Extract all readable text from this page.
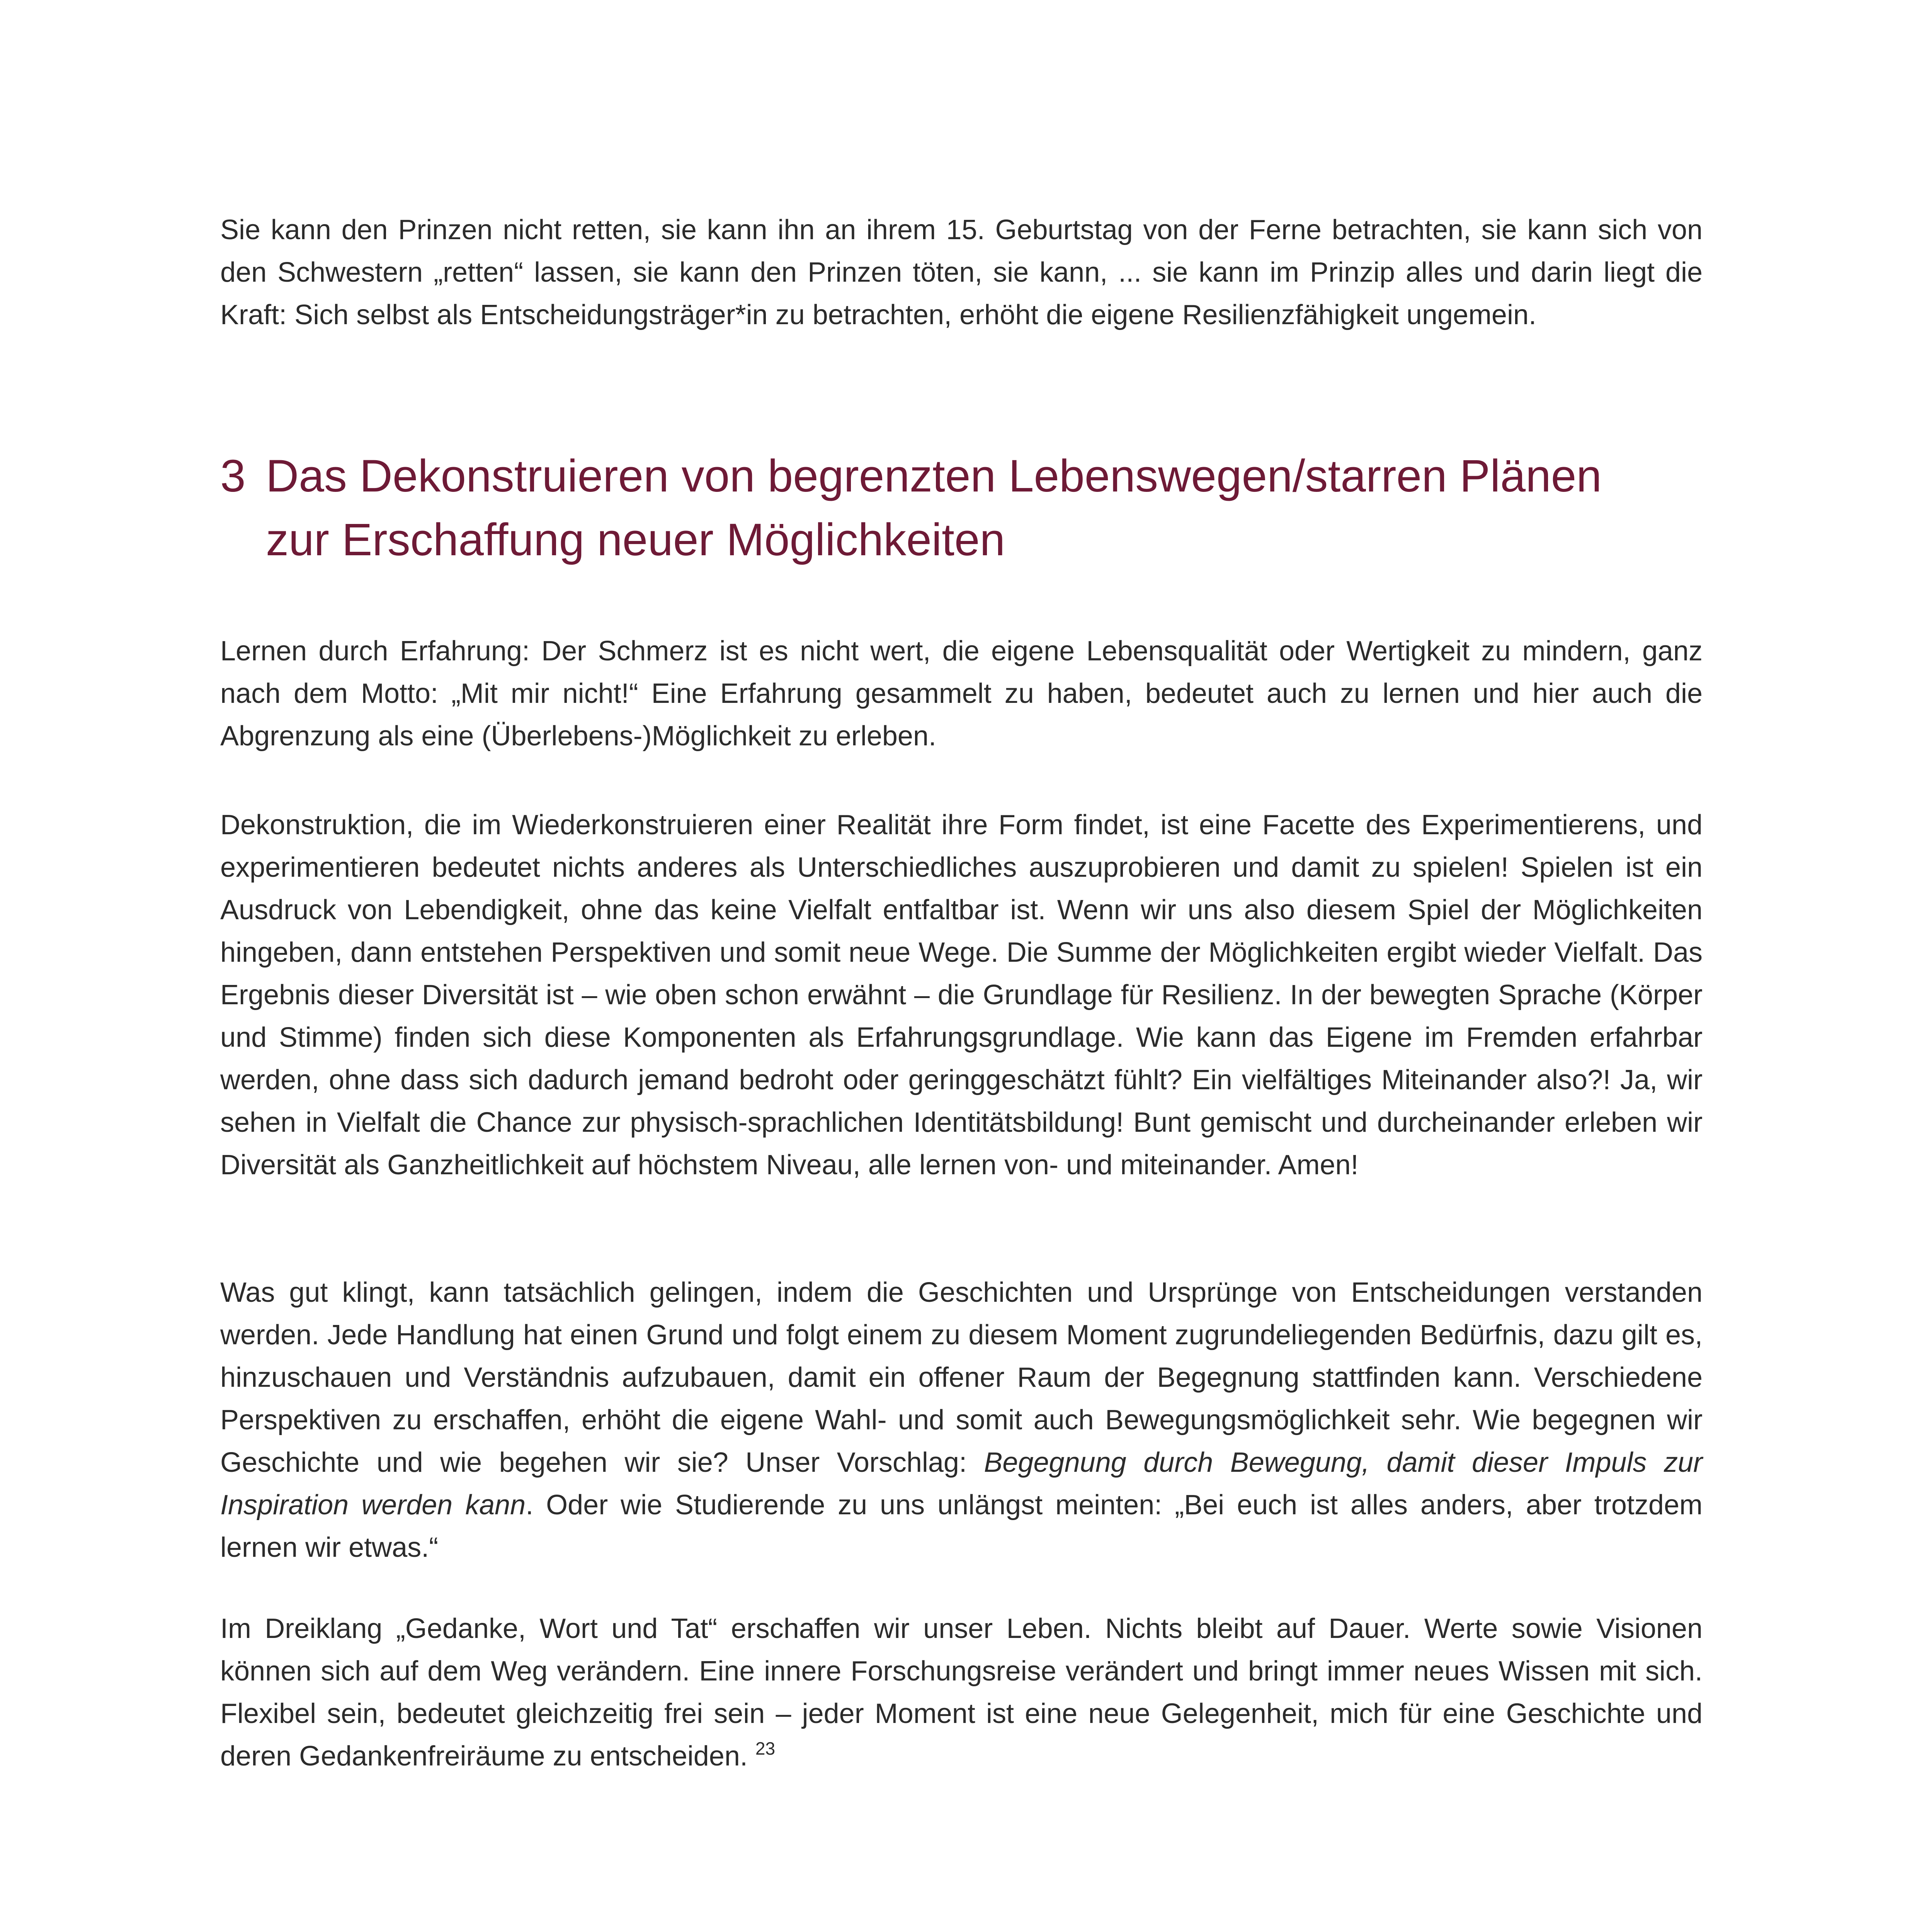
Sie kann den Prinzen nicht retten, sie kann ihn an ihrem 15. Geburtstag von der Ferne betrachten, sie kann sich von den Schwestern „retten“ lassen, sie kann den Prinzen töten, sie kann, ... sie kann im Prinzip alles und darin liegt die Kraft: Sich selbst als Entscheidungsträger*in zu betrachten, erhöht die eigene Resilienzfähigkeit ungemein.

3 Das Dekonstruieren von begrenzten Lebenswegen/starren Plänen
zur Erschaffung neuer Möglichkeiten

Lernen durch Erfahrung: Der Schmerz ist es nicht wert, die eigene Lebensqualität oder Wertigkeit zu mindern, ganz nach dem Motto: „Mit mir nicht!“ Eine Erfahrung gesammelt zu haben, bedeutet auch zu lernen und hier auch die Abgrenzung als eine (Überlebens-)Möglichkeit zu erleben.

Dekonstruktion, die im Wiederkonstruieren einer Realität ihre Form findet, ist eine Facette des Experimentierens, und experimentieren bedeutet nichts anderes als Unterschiedliches auszuprobieren und damit zu spielen! Spielen ist ein Ausdruck von Lebendigkeit, ohne das keine Vielfalt entfaltbar ist. Wenn wir uns also diesem Spiel der Möglichkeiten hingeben, dann entstehen Perspektiven und somit neue Wege. Die Summe der Möglichkeiten ergibt wieder Vielfalt. Das Ergebnis dieser Diversität ist – wie oben schon erwähnt – die Grundlage für Resilienz. In der bewegten Sprache (Körper und Stimme) finden sich diese Komponenten als Erfahrungsgrundlage. Wie kann das Eigene im Fremden erfahrbar werden, ohne dass sich dadurch jemand bedroht oder geringgeschätzt fühlt? Ein vielfältiges Miteinander also?! Ja, wir sehen in Vielfalt die Chance zur physisch-sprachlichen Identitätsbildung! Bunt gemischt und durcheinander erleben wir Diversität als Ganzheitlichkeit auf höchstem Niveau, alle lernen von- und miteinander. Amen!

Was gut klingt, kann tatsächlich gelingen, indem die Geschichten und Ursprünge von Entscheidungen verstanden werden. Jede Handlung hat einen Grund und folgt einem zu diesem Moment zugrundeliegenden Bedürfnis, dazu gilt es, hinzuschauen und Verständnis aufzubauen, damit ein offener Raum der Begegnung stattfinden kann. Verschiedene Perspektiven zu erschaffen, erhöht die eigene Wahl- und somit auch Bewegungsmöglichkeit sehr. Wie begegnen wir Geschichte und wie begehen wir sie? Unser Vorschlag: Begegnung durch Bewegung, damit dieser Impuls zur Inspiration werden kann. Oder wie Studierende zu uns unlängst meinten: „Bei euch ist alles anders, aber trotzdem lernen wir etwas.“

Im Dreiklang „Gedanke, Wort und Tat“ erschaffen wir unser Leben. Nichts bleibt auf Dauer. Werte sowie Visionen können sich auf dem Weg verändern. Eine innere Forschungsreise verändert und bringt immer neues Wissen mit sich. Flexibel sein, bedeutet gleichzeitig frei sein – jeder Moment ist eine neue Gelegenheit, mich für eine Geschichte und deren Gedankenfreiräume zu entscheiden. $^{23}$
